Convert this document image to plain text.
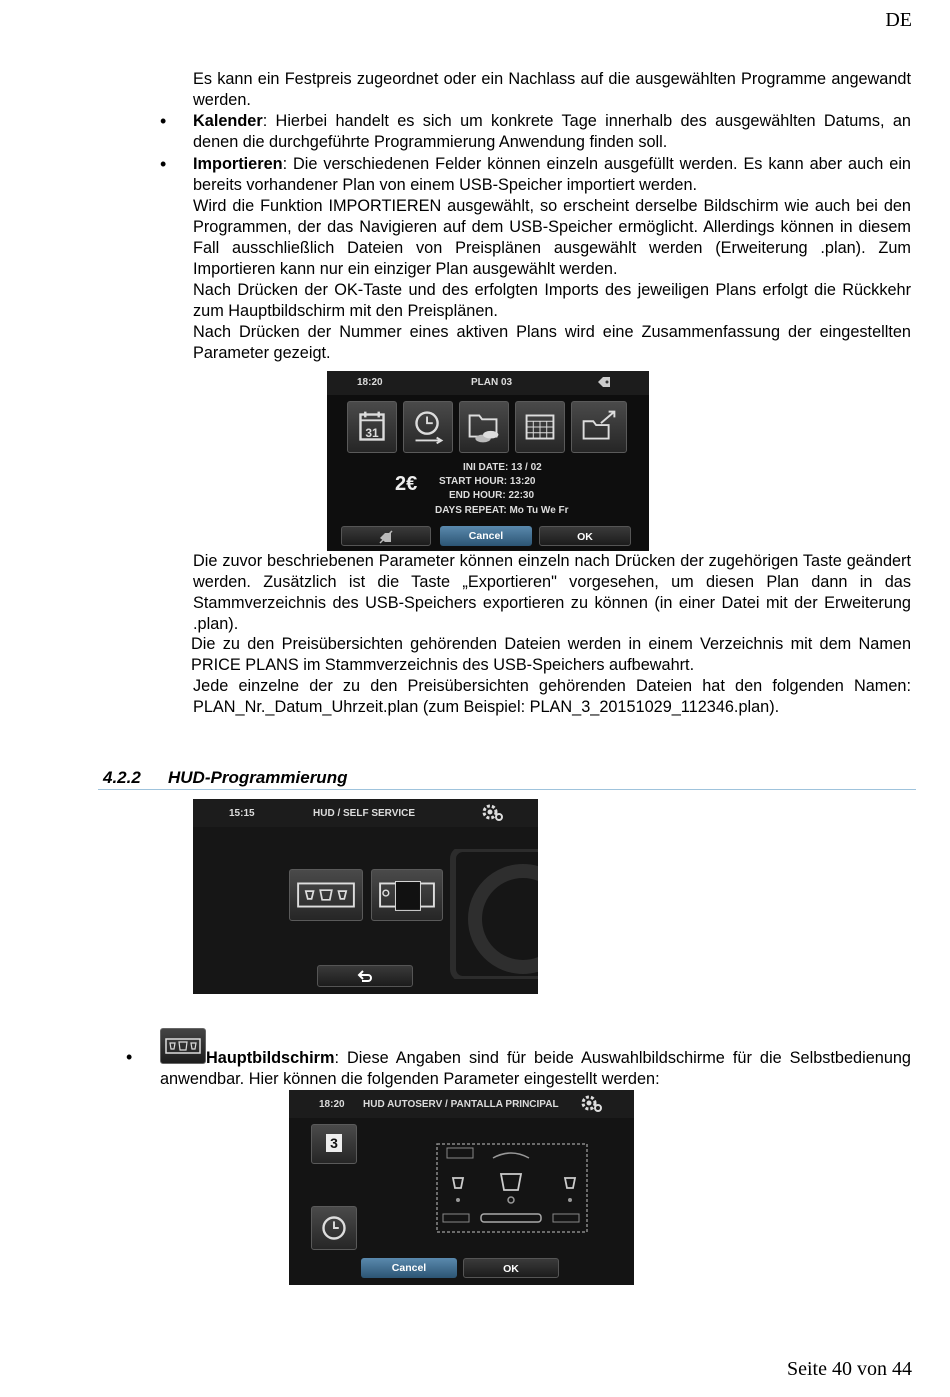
DE
Seite 40 von 44
Es kann ein Festpreis zugeordnet oder ein Nachlass auf die ausgewählten Programme angewandt werden.
• Kalender: Hierbei handelt es sich um konkrete Tage innerhalb des ausgewählten Datums, an denen die durchgeführte Programmierung Anwendung finden soll.
• Importieren: Die verschiedenen Felder können einzeln ausgefüllt werden. Es kann aber auch ein bereits vorhandener Plan von einem USB-Speicher importiert werden.
Wird die Funktion IMPORTIEREN ausgewählt, so erscheint derselbe Bildschirm wie auch bei den Programmen, der das Navigieren auf dem USB-Speicher ermöglicht. Allerdings können in diesem Fall ausschließlich Dateien von Preisplänen ausgewählt werden (Erweiterung .plan). Zum Importieren kann nur ein einziger Plan ausgewählt werden.
Nach Drücken der OK-Taste und des erfolgten Imports des jeweiligen Plans erfolgt die Rückkehr zum Hauptbildschirm mit den Preisplänen.
Nach Drücken der Nummer eines aktiven Plans wird eine Zusammenfassung der eingestellten Parameter gezeigt.
18:20	PLAN 03
31
2€
INI DATE: 13 / 02
START HOUR: 13:20
END HOUR: 22:30
DAYS REPEAT: Mo Tu We Fr
Cancel	OK
Die zuvor beschriebenen Parameter können einzeln nach Drücken der zugehörigen Taste geändert werden. Zusätzlich ist die Taste „Exportieren" vorgesehen, um diesen Plan dann in das Stammverzeichnis des USB-Speichers exportieren zu können (in einer Datei mit der Erweiterung .plan).
Die zu den Preisübersichten gehörenden Dateien werden in einem Verzeichnis mit dem Namen PRICE PLANS im Stammverzeichnis des USB-Speichers aufbewahrt.
Jede einzelne der zu den Preisübersichten gehörenden Dateien hat den folgenden Namen: PLAN_Nr._Datum_Uhrzeit.plan (zum Beispiel: PLAN_3_20151029_112346.plan).
4.2.2 HUD-Programmierung
15:15	HUD / SELF SERVICE
•	Hauptbildschirm: Diese Angaben sind für beide Auswahlbildschirme für die Selbstbedienung anwendbar. Hier können die folgenden Parameter eingestellt werden:
18:20 HUD AUTOSERV / PANTALLA PRINCIPAL
3
Cancel	OK
